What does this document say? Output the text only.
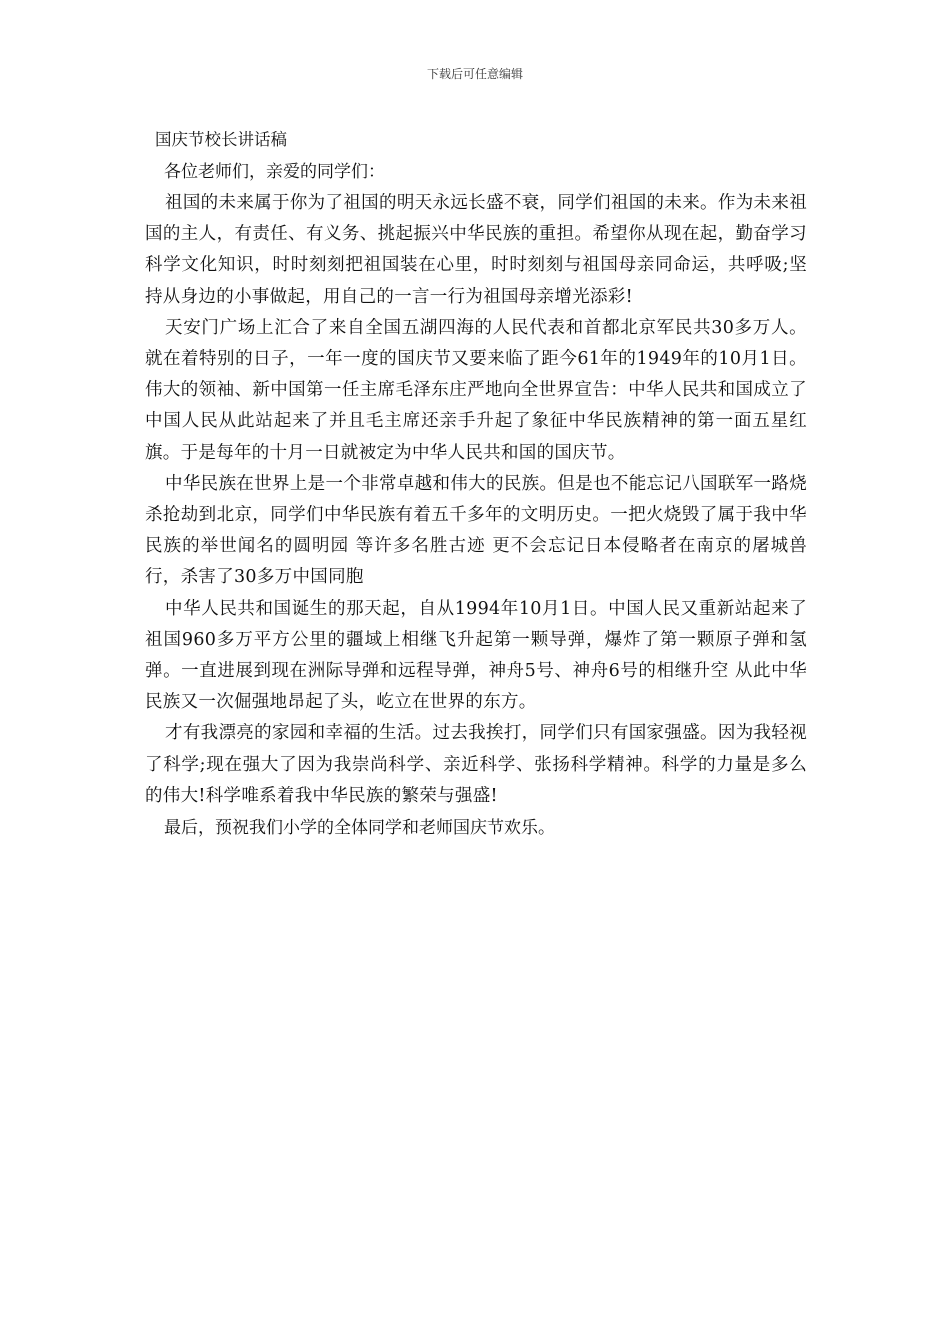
下载后可任意编辑
国庆节校长讲话稿

各位老师们，亲爱的同学们：

祖国的未来属于你为了祖国的明天永远长盛不衰，同学们祖国的未来。作为未来祖国的主人，有责任、有义务、挑起振兴中华民族的重担。希望你从现在起，勤奋学习科学文化知识，时时刻刻把祖国装在心里，时时刻刻与祖国母亲同命运，共呼吸;坚持从身边的小事做起，用自己的一言一行为祖国母亲增光添彩!

天安门广场上汇合了来自全国五湖四海的人民代表和首都北京军民共30多万人。就在着特别的日子，一年一度的国庆节又要来临了距今61年的1949年的10月1日。伟大的领袖、新中国第一任主席毛泽东庄严地向全世界宣告：中华人民共和国成立了中国人民从此站起来了并且毛主席还亲手升起了象征中华民族精神的第一面五星红旗。于是每年的十月一日就被定为中华人民共和国的国庆节。

中华民族在世界上是一个非常卓越和伟大的民族。但是也不能忘记八国联军一路烧杀抢劫到北京，同学们中华民族有着五千多年的文明历史。一把火烧毁了属于我中华民族的举世闻名的圆明园 等许多名胜古迹 更不会忘记日本侵略者在南京的屠城兽行，杀害了30多万中国同胞

中华人民共和国诞生的那天起，自从1994年10月1日。中国人民又重新站起来了祖国960多万平方公里的疆域上相继飞升起第一颗导弹，爆炸了第一颗原子弹和氢弹。一直进展到现在洲际导弹和远程导弹，神舟5号、神舟6号的相继升空 从此中华民族又一次倔强地昂起了头，屹立在世界的东方。

才有我漂亮的家园和幸福的生活。过去我挨打，同学们只有国家强盛。因为我轻视了科学;现在强大了因为我崇尚科学、亲近科学、张扬科学精神。科学的力量是多么的伟大!科学唯系着我中华民族的繁荣与强盛!

最后，预祝我们小学的全体同学和老师国庆节欢乐。
